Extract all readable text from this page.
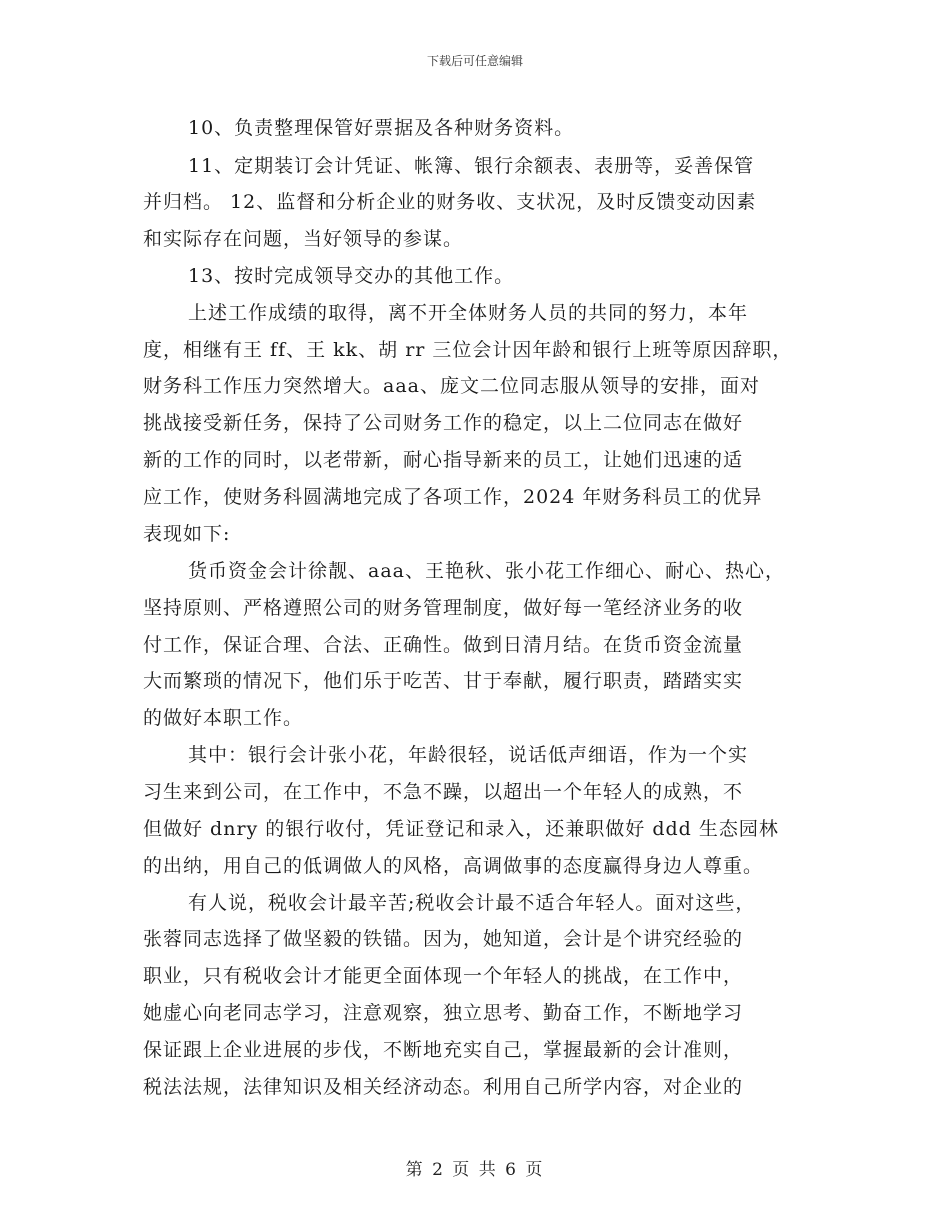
下载后可任意编辑
10、负责整理保管好票据及各种财务资料。
11、定期装订会计凭证、帐簿、银行余额表、表册等，妥善保管
并归档。 12、监督和分析企业的财务收、支状况，及时反馈变动因素
和实际存在问题，当好领导的参谋。
13、按时完成领导交办的其他工作。
上述工作成绩的取得，离不开全体财务人员的共同的努力，本年
度，相继有王 ff、王 kk、胡 rr 三位会计因年龄和银行上班等原因辞职，
财务科工作压力突然增大。aaa、庞文二位同志服从领导的安排，面对
挑战接受新任务，保持了公司财务工作的稳定，以上二位同志在做好
新的工作的同时，以老带新，耐心指导新来的员工，让她们迅速的适
应工作，使财务科圆满地完成了各项工作，2024 年财务科员工的优异
表现如下:
货币资金会计徐靓、aaa、王艳秋、张小花工作细心、耐心、热心，
坚持原则、严格遵照公司的财务管理制度，做好每一笔经济业务的收
付工作，保证合理、合法、正确性。做到日清月结。在货币资金流量
大而繁琐的情况下，他们乐于吃苦、甘于奉献，履行职责，踏踏实实
的做好本职工作。
其中：银行会计张小花，年龄很轻，说话低声细语，作为一个实
习生来到公司，在工作中，不急不躁，以超出一个年轻人的成熟，不
但做好 dnry 的银行收付，凭证登记和录入，还兼职做好 ddd 生态园林
的出纳，用自己的低调做人的风格，高调做事的态度赢得身边人尊重。
有人说，税收会计最辛苦;税收会计最不适合年轻人。面对这些，
张蓉同志选择了做坚毅的铁锚。因为，她知道，会计是个讲究经验的
职业，只有税收会计才能更全面体现一个年轻人的挑战，在工作中，
她虚心向老同志学习，注意观察，独立思考、勤奋工作，不断地学习
保证跟上企业进展的步伐，不断地充实自己，掌握最新的会计准则，
税法法规，法律知识及相关经济动态。利用自己所学内容，对企业的
第 2 页 共 6 页
